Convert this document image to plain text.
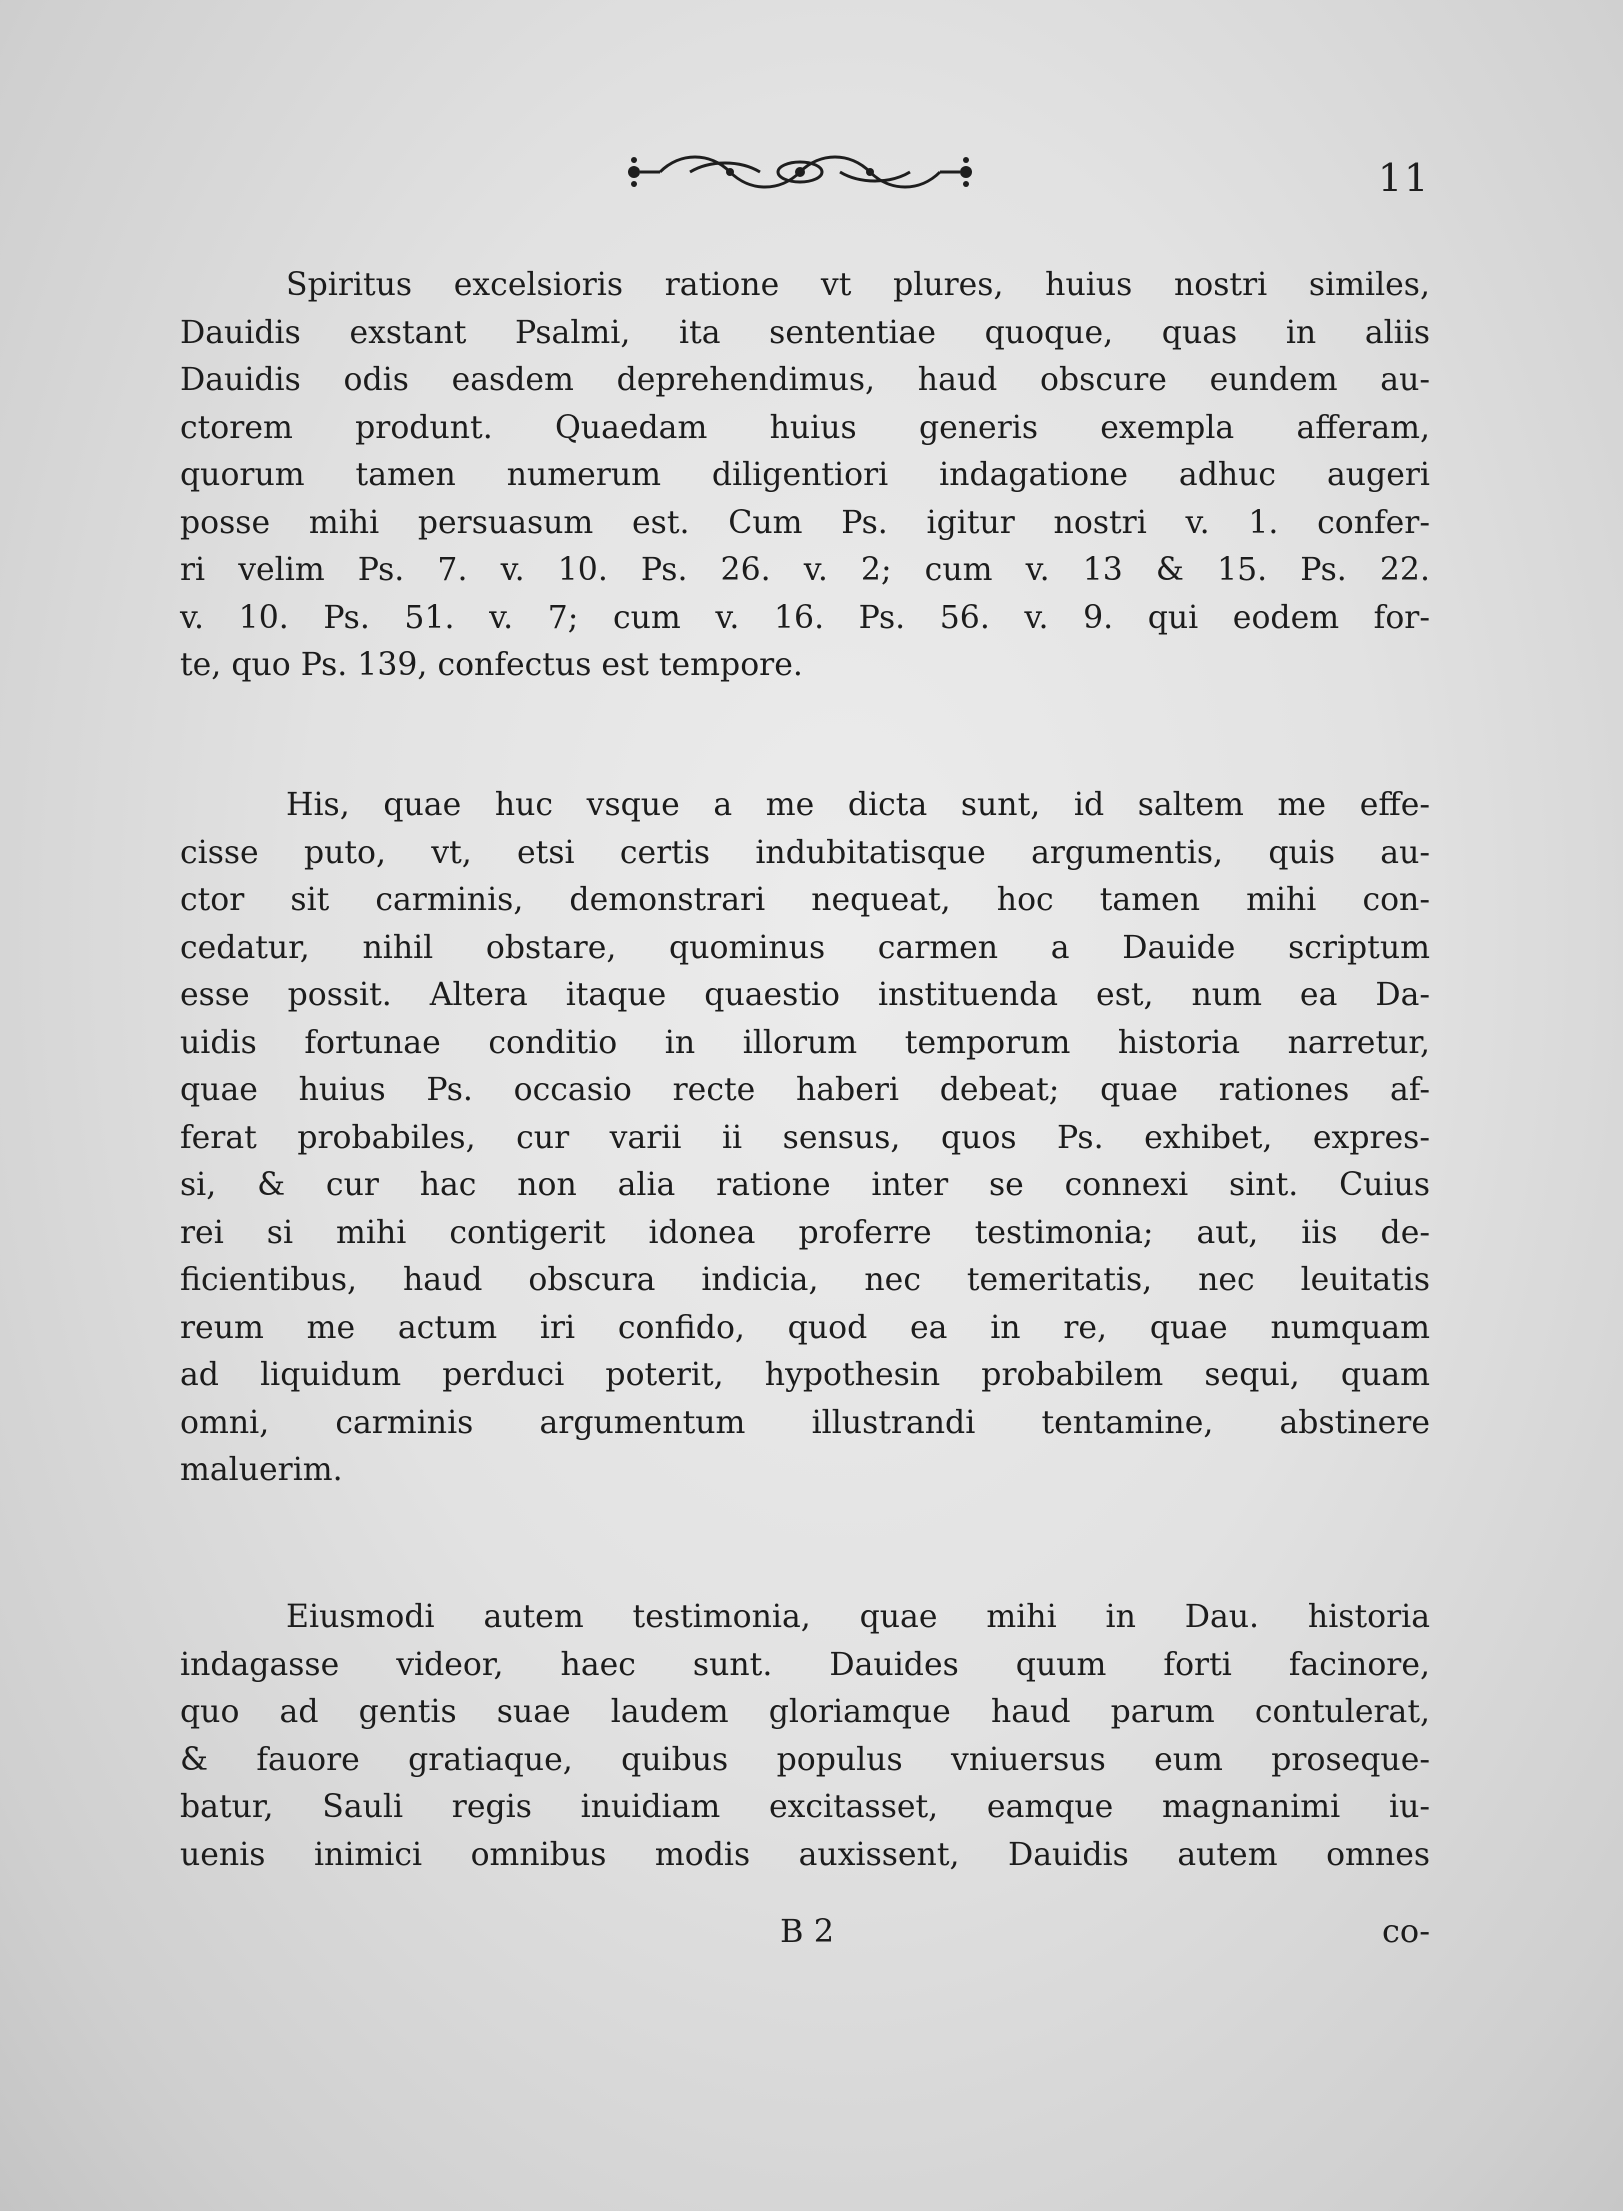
11
Spiritus excelsioris ratione vt plures, huius nostri similes,
Dauidis exstant Psalmi, ita sententiae quoque, quas in aliis
Dauidis odis easdem deprehendimus, haud obscure eundem au-
ctorem produnt. Quaedam huius generis exempla afferam,
quorum tamen numerum diligentiori indagatione adhuc augeri
posse mihi persuasum est. Cum Ps. igitur nostri v. 1. confer-
ri velim Ps. 7. v. 10. Ps. 26. v. 2; cum v. 13 & 15. Ps. 22.
v. 10. Ps. 51. v. 7; cum v. 16. Ps. 56. v. 9. qui eodem for-
te, quo Ps. 139, confectus est tempore.
His, quae huc vsque a me dicta sunt, id saltem me effe-
cisse puto, vt, etsi certis indubitatisque argumentis, quis au-
ctor sit carminis, demonstrari nequeat, hoc tamen mihi con-
cedatur, nihil obstare, quominus carmen a Dauide scriptum
esse possit. Altera itaque quaestio instituenda est, num ea Da-
uidis fortunae conditio in illorum temporum historia narretur,
quae huius Ps. occasio recte haberi debeat; quae rationes af-
ferat probabiles, cur varii ii sensus, quos Ps. exhibet, expres-
si, & cur hac non alia ratione inter se connexi sint. Cuius
rei si mihi contigerit idonea proferre testimonia; aut, iis de-
ficientibus, haud obscura indicia, nec temeritatis, nec leuitatis
reum me actum iri confido, quod ea in re, quae numquam
ad liquidum perduci poterit, hypothesin probabilem sequi, quam
omni, carminis argumentum illustrandi tentamine, abstinere
maluerim.
Eiusmodi autem testimonia, quae mihi in Dau. historia
indagasse videor, haec sunt. Dauides quum forti facinore,
quo ad gentis suae laudem gloriamque haud parum contulerat,
& fauore gratiaque, quibus populus vniuersus eum proseque-
batur, Sauli regis inuidiam excitasset, eamque magnanimi iu-
uenis inimici omnibus modis auxissent, Dauidis autem omnes
B 2	co-
